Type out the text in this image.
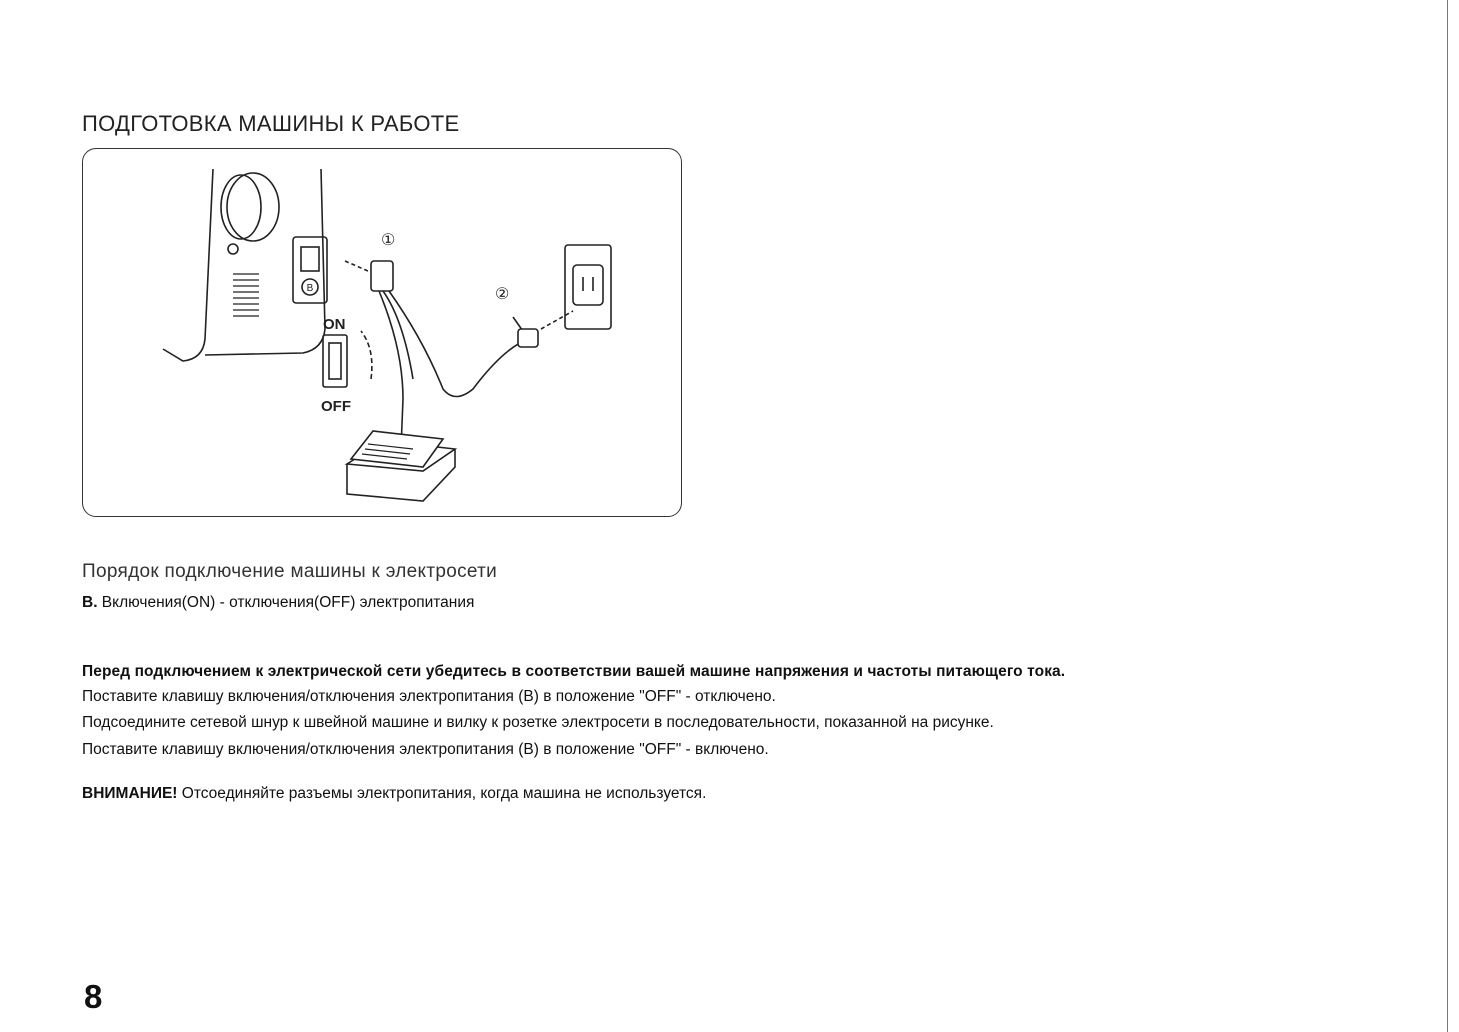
ПОДГОТОВКА МАШИНЫ К РАБОТЕ
B
①
②
ON
OFF
Порядок подключение машины к электросети
B. Включения(ON) - отключения(OFF) электропитания
Перед подключением к электрической сети убедитесь в соответствии вашей машине напряжения и частоты питающего тока.
Поставите клавишу включения/отключения электропитания (B) в положение "OFF" - отключено.
Подсоедините сетевой шнур к швейной машине и вилку к розетке электросети в последовательности, показанной на рисунке.
Поставите клавишу включения/отключения электропитания (B) в положение "OFF" - включено.
ВНИМАНИЕ! Отсоединяйте разъемы электропитания, когда машина не используется.
8
